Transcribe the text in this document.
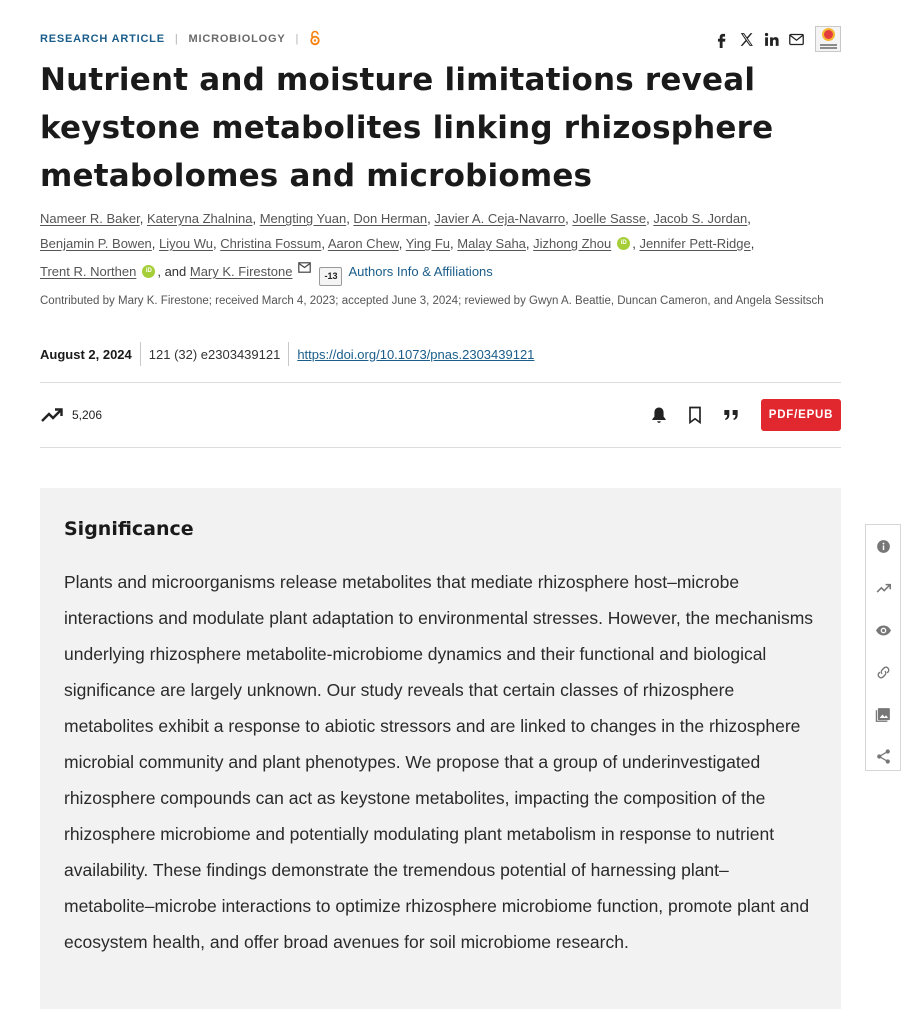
RESEARCH ARTICLE | MICROBIOLOGY |
Nutrient and moisture limitations reveal keystone metabolites linking rhizosphere metabolomes and microbiomes
Nameer R. Baker, Kateryna Zhalnina, Mengting Yuan, Don Herman, Javier A. Ceja-Navarro, Joelle Sasse, Jacob S. Jordan,
Benjamin P. Bowen, Liyou Wu, Christina Fossum, Aaron Chew, Ying Fu, Malay Saha, Jizhong Zhou iD , Jennifer Pett-Ridge,
Trent R. Northen iD , and Mary K. Firestone	-13 Authors Info & Affiliations

Contributed by Mary K. Firestone; received March 4, 2023; accepted June 3, 2024; reviewed by Gwyn A. Beattie, Duncan Cameron, and Angela Sessitsch

August 2, 2024 121 (32) e2303439121 https://doi.org/10.1073/pnas.2303439121
5,206	PDF/EPUB
Significance

Plants and microorganisms release metabolites that mediate rhizosphere host–microbe interactions and modulate plant adaptation to environmental stresses. However, the mechanisms underlying rhizosphere metabolite-microbiome dynamics and their functional and biological significance are largely unknown. Our study reveals that certain classes of rhizosphere metabolites exhibit a response to abiotic stressors and are linked to changes in the rhizosphere microbial community and plant phenotypes. We propose that a group of underinvestigated rhizosphere compounds can act as keystone metabolites, impacting the composition of the rhizosphere microbiome and potentially modulating plant metabolism in response to nutrient availability. These findings demonstrate the tremendous potential of harnessing plant–metabolite–microbe interactions to optimize rhizosphere microbiome function, promote plant and ecosystem health, and offer broad avenues for soil microbiome research.
